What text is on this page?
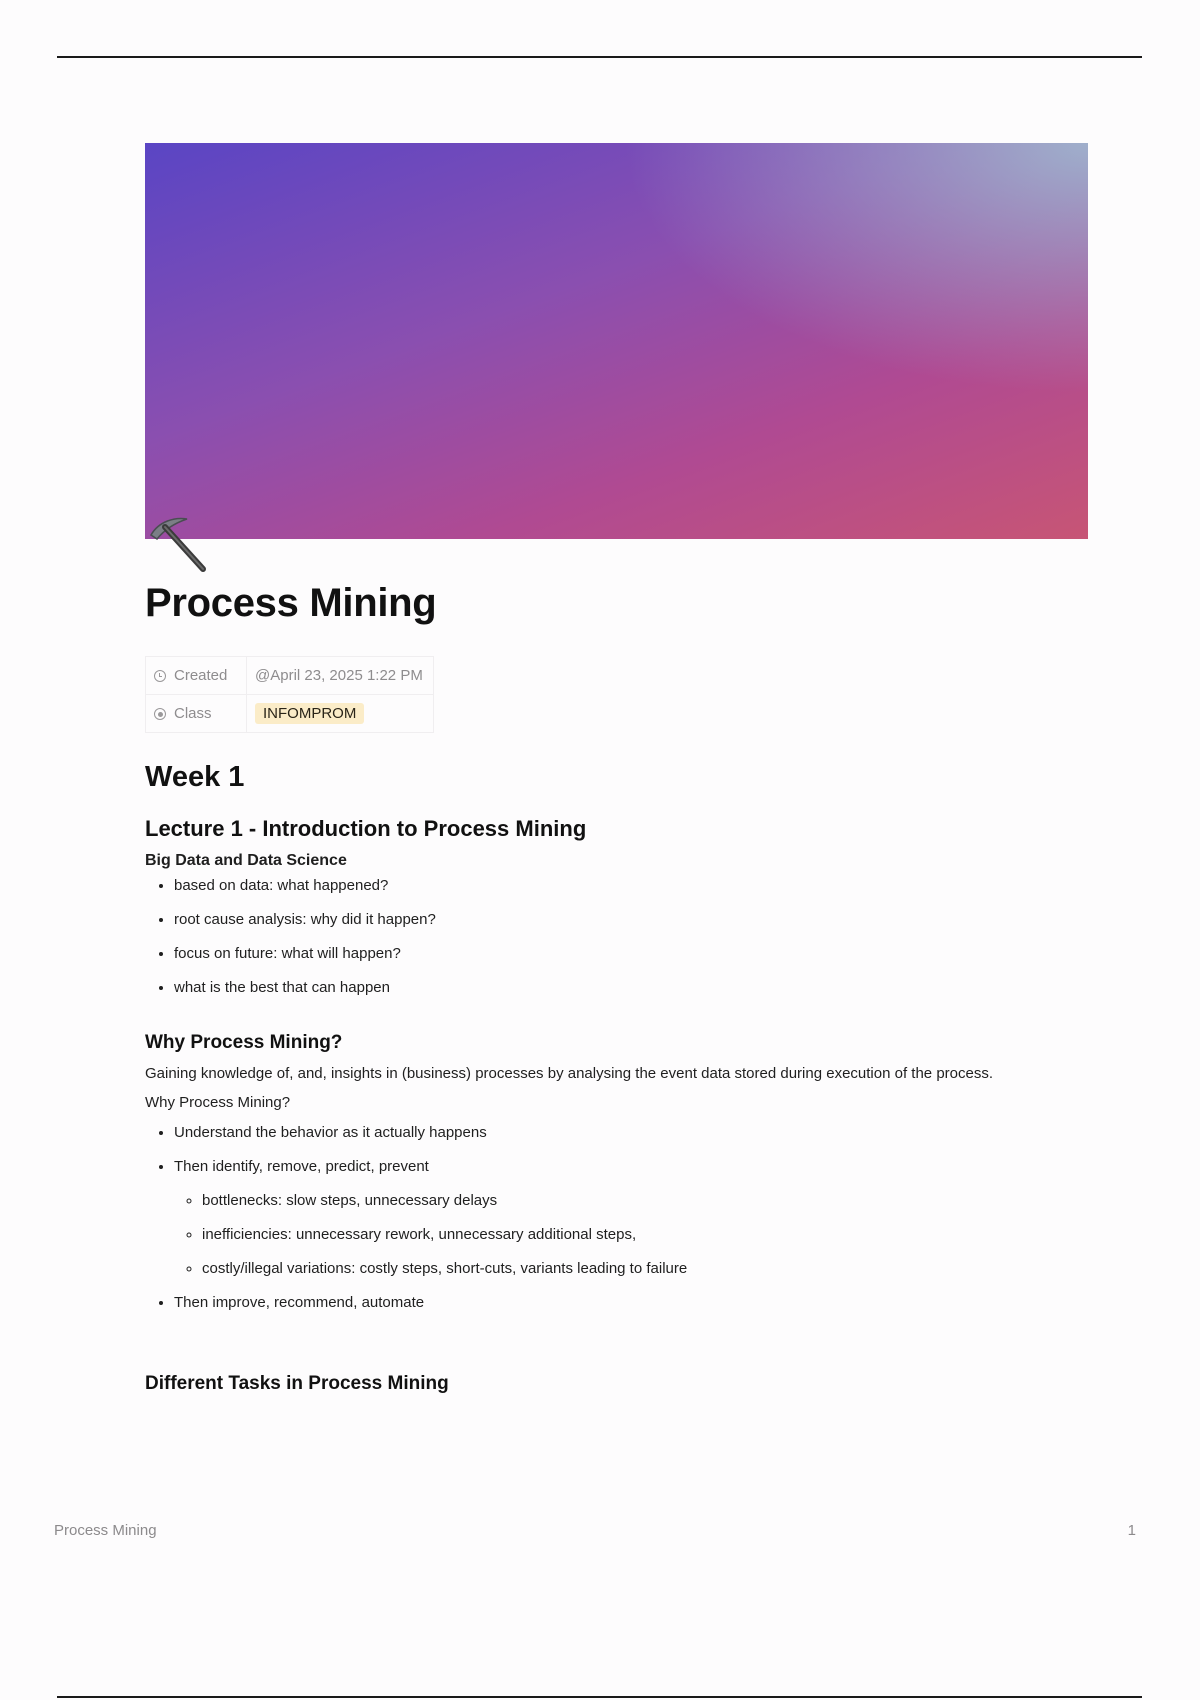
Process Mining
Created	@April 23, 2025 1:22 PM
Class	INFOMPROM
Week 1
Lecture 1 - Introduction to Process Mining
Big Data and Data Science
• based on data: what happened?
• root cause analysis: why did it happen?
• focus on future: what will happen?
• what is the best that can happen
Why Process Mining?

Gaining knowledge of, and, insights in (business) processes by analysing the event data stored during execution of the process.

Why Process Mining?

• Understand the behavior as it actually happens
• Then identify, remove, predict, prevent
◦ bottlenecks: slow steps, unnecessary delays
◦ inefficiencies: unnecessary rework, unnecessary additional steps,
◦ costly/illegal variations: costly steps, short-cuts, variants leading to failure
• Then improve, recommend, automate
Different Tasks in Process Mining
Process Mining	1
